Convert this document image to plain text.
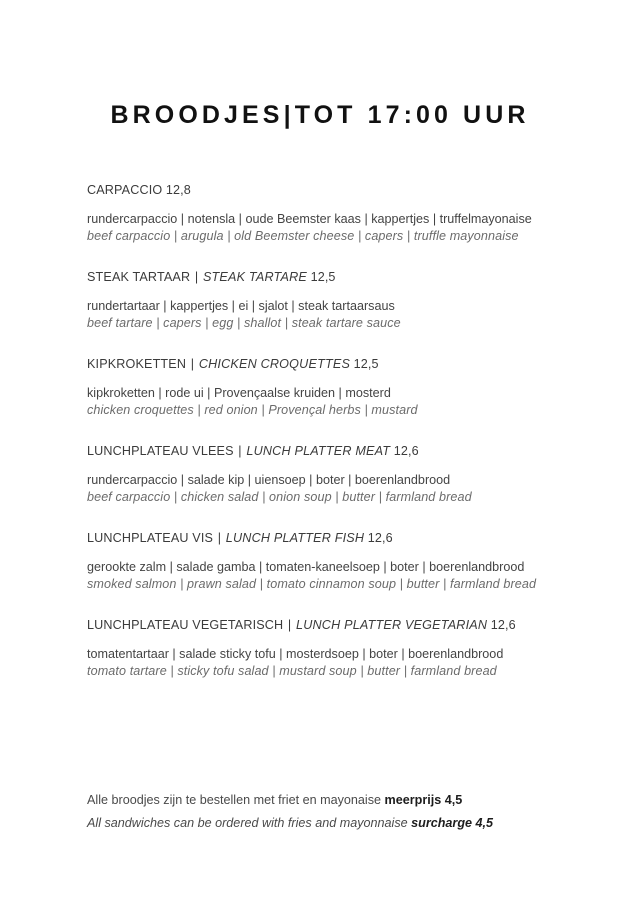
BROODJES|TOT 17:00 UUR
CARPACCIO 12,8
rundercarpaccio | notensla | oude Beemster kaas | kappertjes | truffelmayonaise
beef carpaccio | arugula | old Beemster cheese | capers | truffle mayonnaise
STEAK TARTAAR | STEAK TARTARE 12,5
rundertartaar | kappertjes | ei | sjalot | steak tartaarsaus
beef tartare | capers | egg | shallot | steak tartare sauce
KIPKROKETTEN | CHICKEN CROQUETTES 12,5
kipkroketten | rode ui | Provençaalse kruiden | mosterd
chicken croquettes | red onion | Provençal herbs | mustard
LUNCHPLATEAU VLEES | LUNCH PLATTER MEAT 12,6
rundercarpaccio | salade kip | uiensoep | boter | boerenlandbrood
beef carpaccio | chicken salad | onion soup | butter | farmland bread
LUNCHPLATEAU VIS | LUNCH PLATTER FISH 12,6
gerookte zalm | salade gamba | tomaten-kaneelsoep | boter | boerenlandbrood
smoked salmon | prawn salad | tomato cinnamon soup | butter | farmland bread
LUNCHPLATEAU VEGETARISCH | LUNCH PLATTER VEGETARIAN 12,6
tomatentartaar | salade sticky tofu | mosterdsoep | boter | boerenlandbrood
tomato tartare | sticky tofu salad | mustard soup | butter | farmland bread
Alle broodjes zijn te bestellen met friet en mayonaise meerprijs 4,5
All sandwiches can be ordered with fries and mayonnaise surcharge 4,5
